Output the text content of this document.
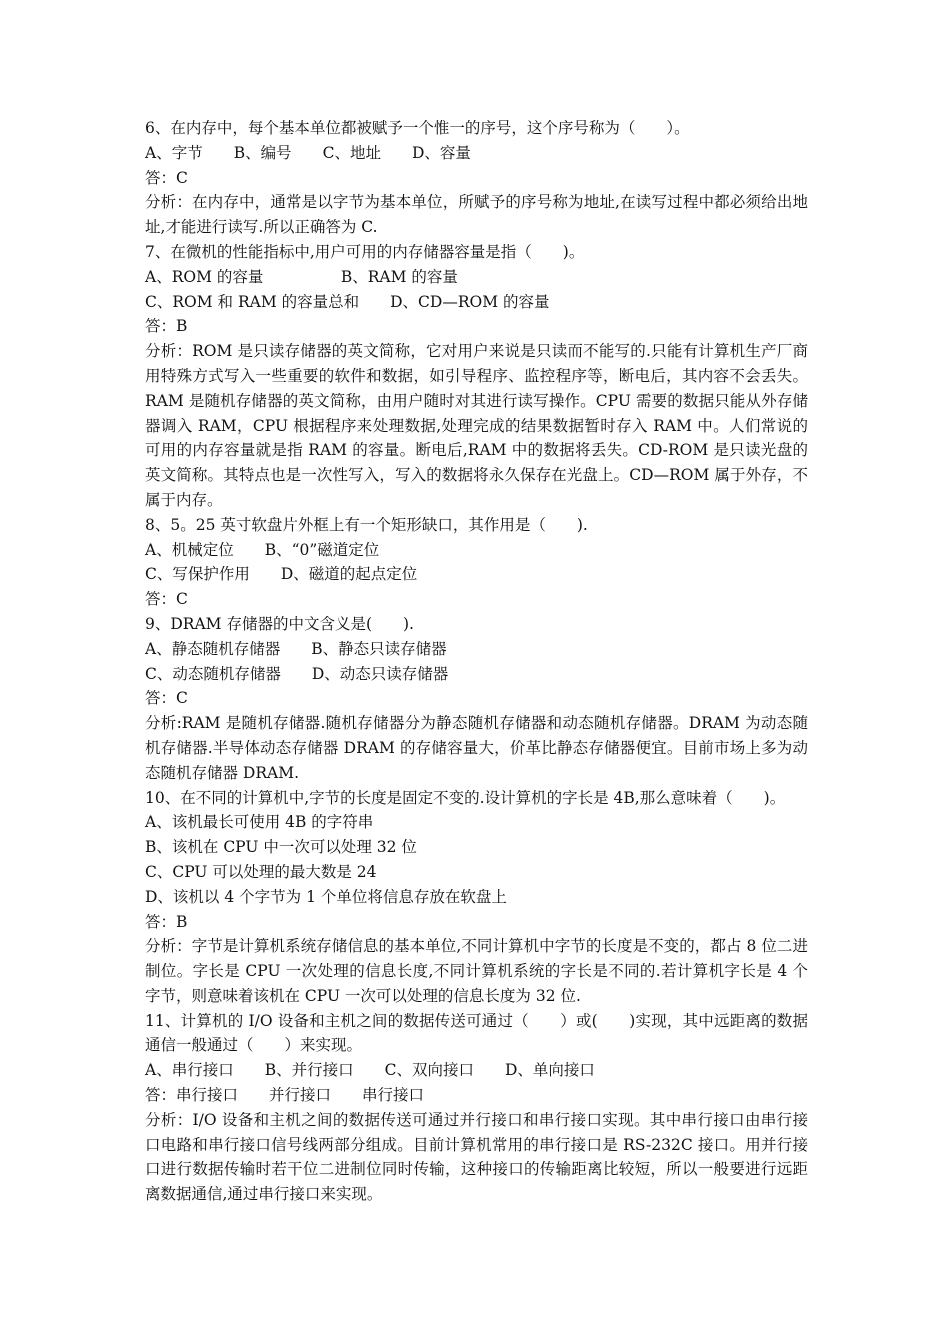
6、在内存中，每个基本单位都被赋予一个惟一的序号，这个序号称为（　　）。
A、字节　　B、编号　　C、地址　　D、容量
答：C
分析：在内存中，通常是以字节为基本单位，所赋予的序号称为地址,在读写过程中都必须给出地址,才能进行读写.所以正确答为 C.
7、在微机的性能指标中,用户可用的内存储器容量是指（　　)。
A、ROM 的容量　　　　　B、RAM 的容量
C、ROM 和 RAM 的容量总和　　D、CD—ROM 的容量
答：B
分析：ROM 是只读存储器的英文简称，它对用户来说是只读而不能写的.只能有计算机生产厂商用特殊方式写入一些重要的软件和数据，如引导程序、监控程序等，断电后，其内容不会丢失。RAM 是随机存储器的英文简称，由用户随时对其进行读写操作。CPU 需要的数据只能从外存储器调入 RAM，CPU 根据程序来处理数据,处理完成的结果数据暂时存入 RAM 中。人们常说的可用的内存容量就是指 RAM 的容量。断电后,RAM 中的数据将丢失。CD-ROM 是只读光盘的英文简称。其特点也是一次性写入，写入的数据将永久保存在光盘上。CD—ROM 属于外存，不属于内存。
8、5。25 英寸软盘片外框上有一个矩形缺口，其作用是（　　).
A、机械定位　　B、“0”磁道定位
C、写保护作用　　D、磁道的起点定位
答：C
9、DRAM 存储器的中文含义是(　　).
A、静态随机存储器　　B、静态只读存储器
C、动态随机存储器　　D、动态只读存储器
答：C
分析:RAM 是随机存储器.随机存储器分为静态随机存储器和动态随机存储器。DRAM 为动态随机存储器.半导体动态存储器 DRAM 的存储容量大，价革比静态存储器便宜。目前市场上多为动态随机存储器 DRAM.
10、在不同的计算机中,字节的长度是固定不变的.设计算机的字长是 4B,那么意味着（　　)。
A、该机最长可使用 4B 的字符串
B、该机在 CPU 中一次可以处理 32 位
C、CPU 可以处理的最大数是 24
D、该机以 4 个字节为 1 个单位将信息存放在软盘上
答：B
分析：字节是计算机系统存储信息的基本单位,不同计算机中字节的长度是不变的，都占 8 位二进制位。字长是 CPU 一次处理的信息长度,不同计算机系统的字长是不同的.若计算机字长是 4 个字节，则意味着该机在 CPU 一次可以处理的信息长度为 32 位.
11、计算机的 I/O 设备和主机之间的数据传送可通过（　　）或(　　)实现，其中远距离的数据通信一般通过（　　）来实现。
A、串行接口　　B、并行接口　　C、双向接口　　D、单向接口
答：串行接口　　并行接口　　串行接口
分析：I/O 设备和主机之间的数据传送可通过并行接口和串行接口实现。其中串行接口由串行接口电路和串行接口信号线两部分组成。目前计算机常用的串行接口是 RS-232C 接口。用并行接口进行数据传输时若干位二进制位同时传输，这种接口的传输距离比较短，所以一般要进行远距离数据通信,通过串行接口来实现。
